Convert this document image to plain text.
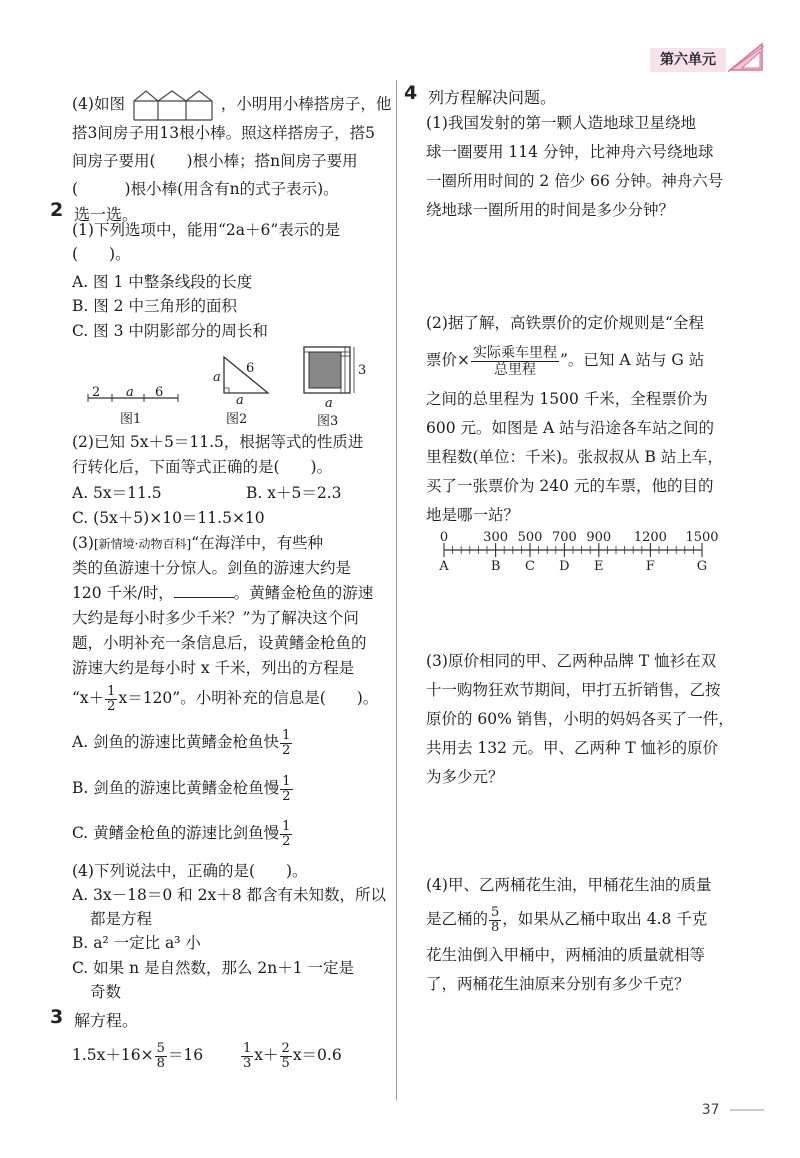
第六单元
(4)如图	，小明用小棒搭房子，他
搭3间房子用13根小棒。照这样搭房子，搭5
间房子要用(　　)根小棒；搭n间房子要用
(　　　)根小棒(用含有n的式子表示)。
2 选一选。
(1)下列选项中，能用“2a＋6”表示的是
(　　)。
A. 图 1 中整条线段的长度
B. 图 2 中三角形的面积
C. 图 3 中阴影部分的周长和
2 a 6
图1
a
6
a
图2
3
a
图3
(2)已知 5x＋5＝11.5，根据等式的性质进
行转化后，下面等式正确的是(　　)。
A. 5x＝11.5	B. x＋5＝2.3
C. (5x＋5)×10＝11.5×10
(3)[新情境·动物百科]“在海洋中，有些种
类的鱼游速十分惊人。剑鱼的游速大约是
120 千米/时，	。黄鳍金枪鱼的游速
大约是每小时多少千米？”为了解决这个问
题，小明补充一条信息后，设黄鳍金枪鱼的
游速大约是每小时 x 千米，列出的方程是
“$x+ \frac{1}{2} x=120$”。小明补充的信息是(　　)。
A. 剑鱼的游速比黄鳍金枪鱼快 $\frac{1}{2}$
B. 剑鱼的游速比黄鳍金枪鱼慢 $\frac{1}{2}$
C. 黄鳍金枪鱼的游速比剑鱼慢 $\frac{1}{2}$
(4)下列说法中，正确的是(　　)。
A. 3x－18＝0 和 2x＋8 都含有未知数，所以
都是方程
B. a² 一定比 a³ 小
C. 如果 n 是自然数，那么 2n＋1 一定是
奇数
3 解方程。
$1.5x+16\times \frac{5}{8} =16$	$\frac{1}{3} x+ \frac{2}{5} x=0.6$
4 列方程解决问题。
(1)我国发射的第一颗人造地球卫星绕地
球一圈要用 114 分钟，比神舟六号绕地球
一圈所用时间的 2 倍少 66 分钟。神舟六号
绕地球一圈所用的时间是多少分钟？
(2)据了解，高铁票价的定价规则是“全程
票价× $\frac{\text{实际乘车里程}}{\text{总里程}}$ ”。已知 A 站与 G 站
之间的总里程为 1500 千米，全程票价为
600 元。如图是 A 站与沿途各车站之间的
里程数(单位：千米)。张叔叔从 B 站上车，
买了一张票价为 240 元的车票，他的目的
地是哪一站？
0
A
300
B
500
C
700
D
900
E
1200
F
1500
G
(3)原价相同的甲、乙两种品牌 T 恤衫在双
十一购物狂欢节期间，甲打五折销售，乙按
原价的 60% 销售，小明的妈妈各买了一件，
共用去 132 元。甲、乙两种 T 恤衫的原价
为多少元？
(4)甲、乙两桶花生油，甲桶花生油的质量
是乙桶的 $\frac{5}{8}$ ，如果从乙桶中取出 4.8 千克
花生油倒入甲桶中，两桶油的质量就相等
了，两桶花生油原来分别有多少千克？
37
